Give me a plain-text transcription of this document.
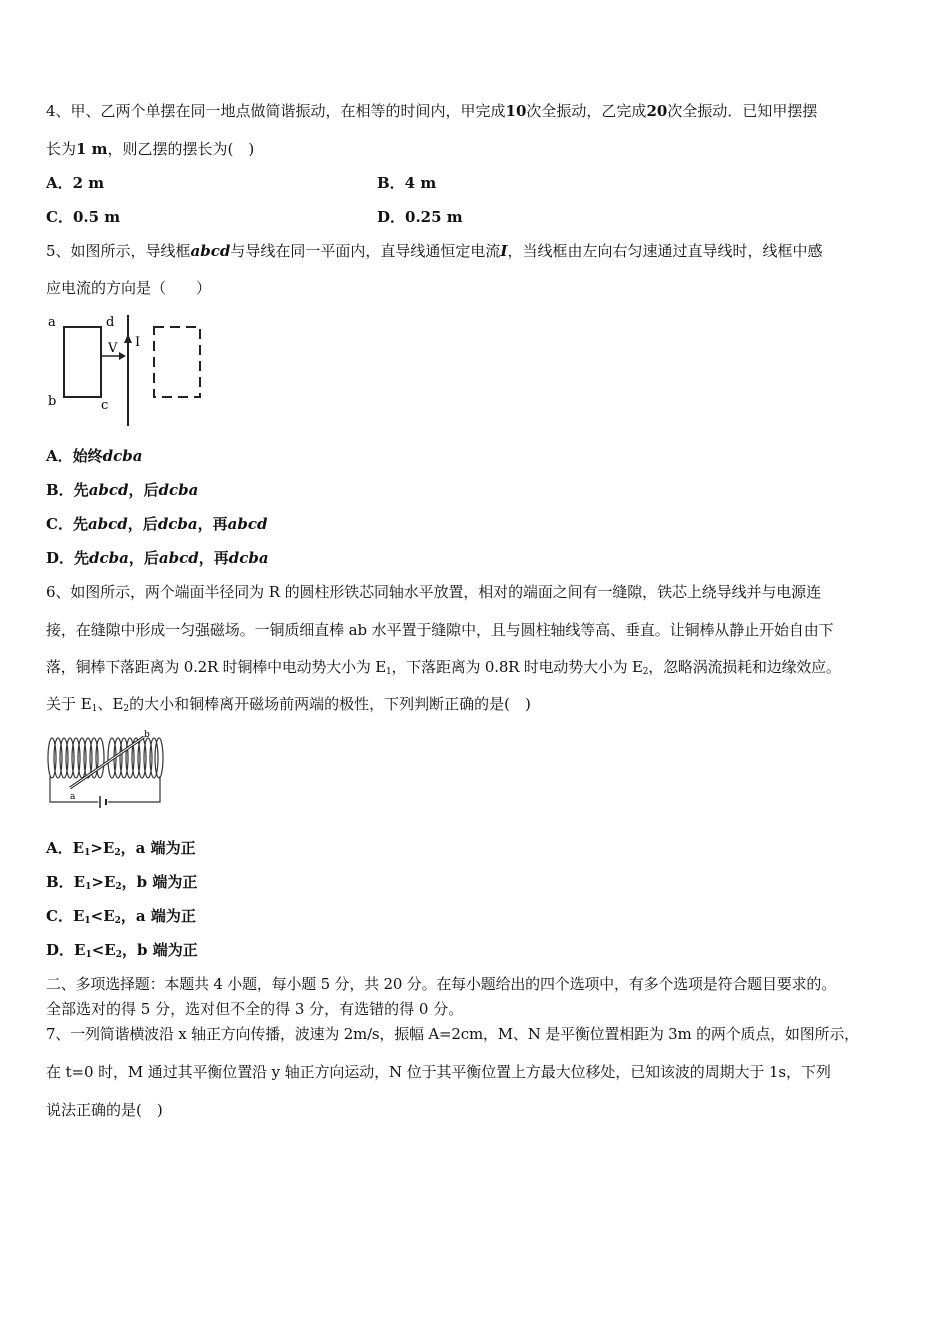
4、甲、乙两个单摆在同一地点做简谐振动，在相等的时间内，甲完成10次全振动，乙完成20次全振动．已知甲摆摆
长为1 m，则乙摆的摆长为(　)
A．2 m	B．4 m
C．0.5 m	D．0.25 m
5、如图所示，导线框abcd与导线在同一平面内，直导线通恒定电流I，当线框由左向右匀速通过直导线时，线框中感
应电流的方向是（　　）
a	d
b	c
V I
A．始终dcba
B．先abcd，后dcba
C．先abcd，后dcba，再abcd
D．先dcba，后abcd，再dcba
6、如图所示，两个端面半径同为 R 的圆柱形铁芯同轴水平放置，相对的端面之间有一缝隙，铁芯上绕导线并与电源连
接，在缝隙中形成一匀强磁场。一铜质细直棒 ab 水平置于缝隙中，且与圆柱轴线等高、垂直。让铜棒从静止开始自由下
落，铜棒下落距离为 0.2R 时铜棒中电动势大小为 $E_1$，下落距离为 0.8R 时电动势大小为 $E_2$，忽略涡流损耗和边缘效应。
关于 $E_1$、$E_2$的大小和铜棒离开磁场前两端的极性，下列判断正确的是(　)
a
b
A．$E_1>E_2$，a 端为正
B．$E_1>E_2$，b 端为正
C．$E_1<E_2$，a 端为正
D．$E_1<E_2$，b 端为正
二、多项选择题：本题共 4 小题，每小题 5 分，共 20 分。在每小题给出的四个选项中，有多个选项是符合题目要求的。
全部选对的得 5 分，选对但不全的得 3 分，有选错的得 0 分。
7、一列简谐横波沿 x 轴正方向传播，波速为 2m/s，振幅 A=2cm，M、N 是平衡位置相距为 3m 的两个质点，如图所示，
在 t=0 时，M 通过其平衡位置沿 y 轴正方向运动，N 位于其平衡位置上方最大位移处，已知该波的周期大于 1s，下列
说法正确的是(　)
